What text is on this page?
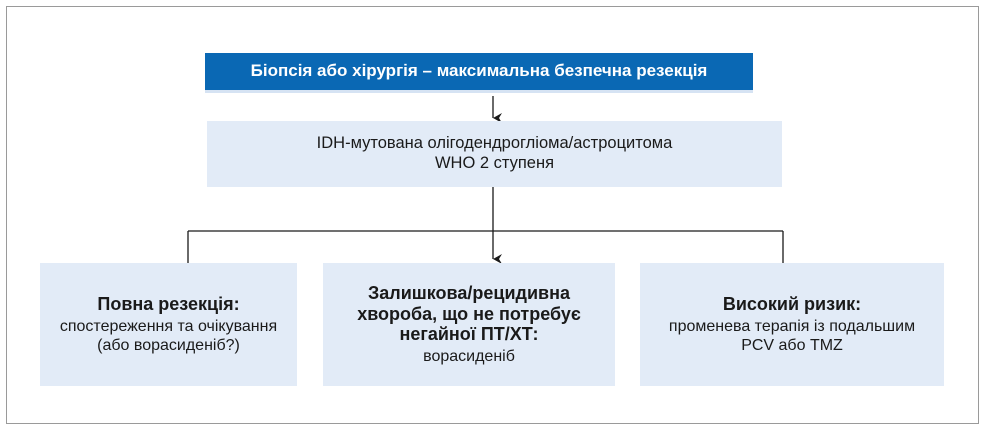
Біопсія або хірургія – максимальна безпечна резекція
IDH-мутована олігодендрогліома/астроцитома
WHO 2 ступеня
Повна резекція:
спостереження та очікування
(або ворасиденіб?)
Залишкова/рецидивна
хвороба, що не потребує
негайної ПТ/ХТ:
ворасиденіб
Високий ризик:
променева терапія із подальшим
PCV або TMZ
